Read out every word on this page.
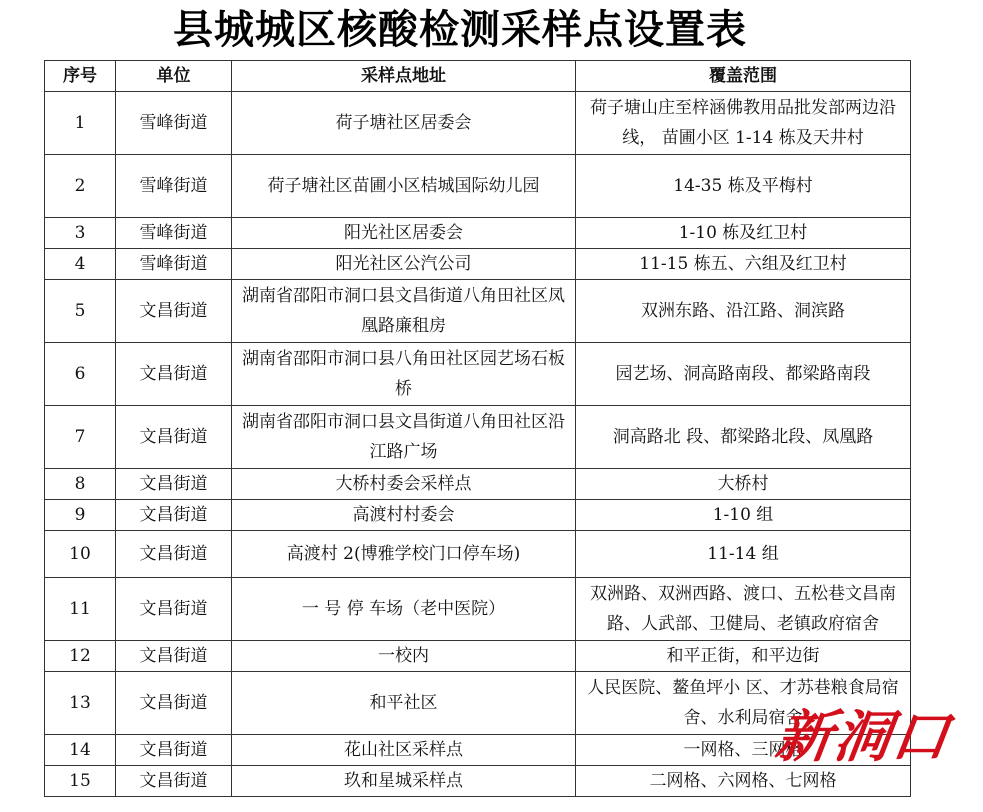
县城城区核酸检测采样点设置表
序号	单位	采样点地址	覆盖范围
1	雪峰街道	荷子塘社区居委会	荷子塘山庄至梓涵佛教用品批发部两边沿线， 苗圃小区 1-14 栋及天井村
2	雪峰街道	荷子塘社区苗圃小区桔城国际幼儿园	14-35 栋及平梅村
3	雪峰街道	阳光社区居委会	1-10 栋及红卫村
4	雪峰街道	阳光社区公汽公司	11-15 栋五、六组及红卫村
5	文昌街道	湖南省邵阳市洞口县文昌街道八角田社区凤凰路廉租房	双洲东路、沿江路、洞滨路
6	文昌街道	湖南省邵阳市洞口县八角田社区园艺场石板桥	园艺场、洞高路南段、都梁路南段
7	文昌街道	湖南省邵阳市洞口县文昌街道八角田社区沿江路广场	洞高路北 段、都梁路北段、凤凰路
8	文昌街道	大桥村委会采样点	大桥村
9	文昌街道	高渡村村委会	1-10 组
10	文昌街道	高渡村 2(博雅学校门口停车场)	11-14 组
11	文昌街道	一 号 停 车场（老中医院）	双洲路、双洲西路、渡口、五松巷文昌南路、人武部、卫健局、老镇政府宿舍
12	文昌街道	一校内	和平正街，和平边街
13	文昌街道	和平社区	人民医院、鳌鱼坪小 区、才苏巷粮食局宿舍、水利局宿舍
14	文昌街道	花山社区采样点	一网格、三网格
15	文昌街道	玖和星城采样点	二网格、六网格、七网格
新洞口
